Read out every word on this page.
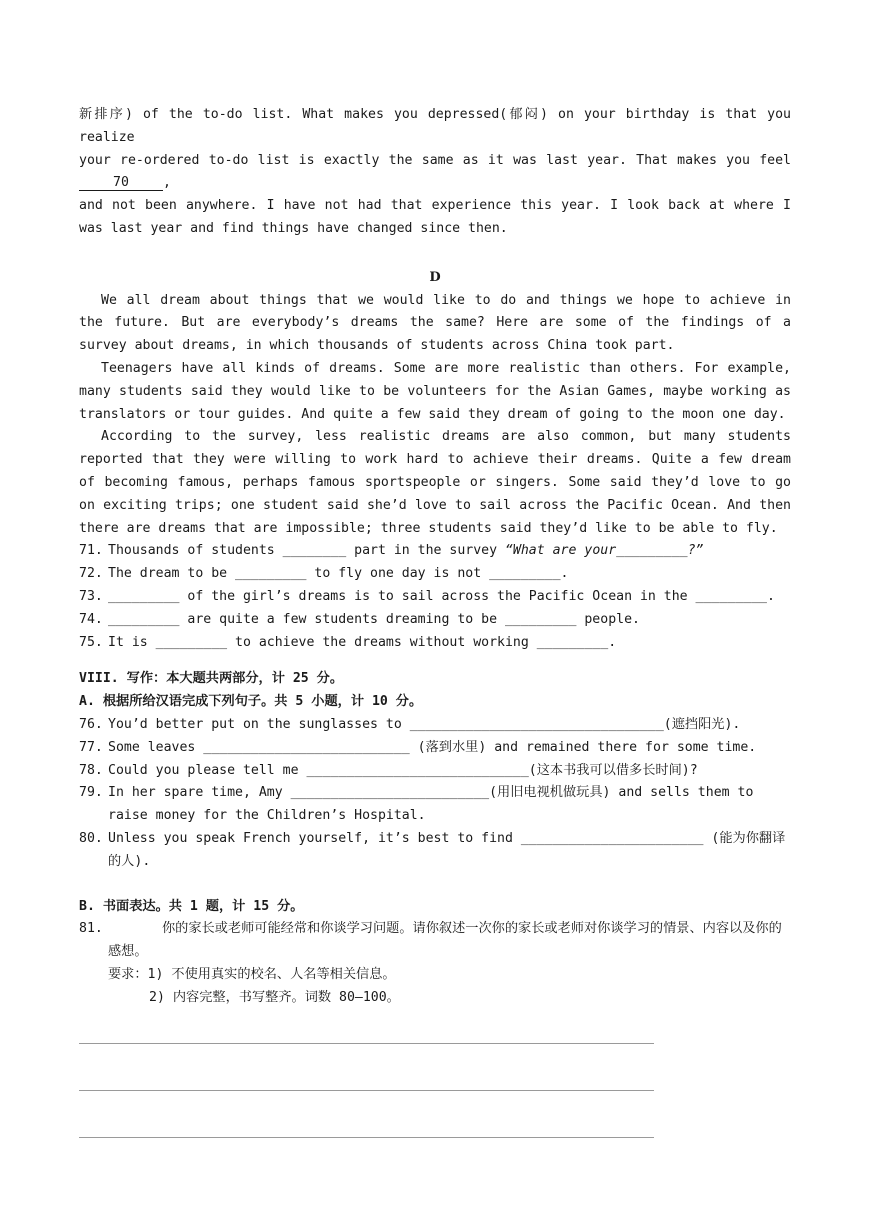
新排序) of the to-do list. What makes you depressed(郁闷) on your birthday is that you realize

your re-ordered to-do list is exactly the same as it was last year. That makes you feel 70	,

and not been anywhere. I have not had that experience this year. I look back at where I was last year and find things have changed since then.

D

We all dream about things that we would like to do and things we hope to achieve in the future. But are everybody’s dreams the same? Here are some of the findings of a survey about dreams, in which thousands of students across China took part.

Teenagers have all kinds of dreams. Some are more realistic than others. For example, many students said they would like to be volunteers for the Asian Games, maybe working as translators or tour guides. And quite a few said they dream of going to the moon one day.

According to the survey, less realistic dreams are also common, but many students reported that they were willing to work hard to achieve their dreams. Quite a few dream of becoming famous, perhaps famous sportspeople or singers. Some said they’d love to go on exciting trips; one student said she’d love to sail across the Pacific Ocean. And then there are dreams that are impossible; three students said they’d like to be able to fly.

71. Thousands of students ________ part in the survey “What are your_________?”
72. The dream to be _________ to fly one day is not _________.
73. _________ of the girl’s dreams is to sail across the Pacific Ocean in the _________.
74. _________ are quite a few students dreaming to be _________ people.
75. It is _________ to achieve the dreams without working _________.

VIII. 写作：本大题共两部分，计 25 分。

A. 根据所给汉语完成下列句子。共 5 小题，计 10 分。

76. You’d better put on the sunglasses to ________________________________(遮挡阳光).
77. Some leaves __________________________ (落到水里) and remained there for some time.
78. Could you please tell me ____________________________(这本书我可以借多长时间)?
79. In her spare time, Amy _________________________(用旧电视机做玩具) and sells them to raise money for the Children’s Hospital.
80. Unless you speak French yourself, it’s best to find _______________________ (能为你翻译的人).

B. 书面表达。共 1 题，计 15 分。

81.	你的家长或老师可能经常和你谈学习问题。请你叙述一次你的家长或老师对你谈学习的情景、内容以及你的感想。

要求：1) 不使用真实的校名、人名等相关信息。

2) 内容完整，书写整齐。词数 80—100。
